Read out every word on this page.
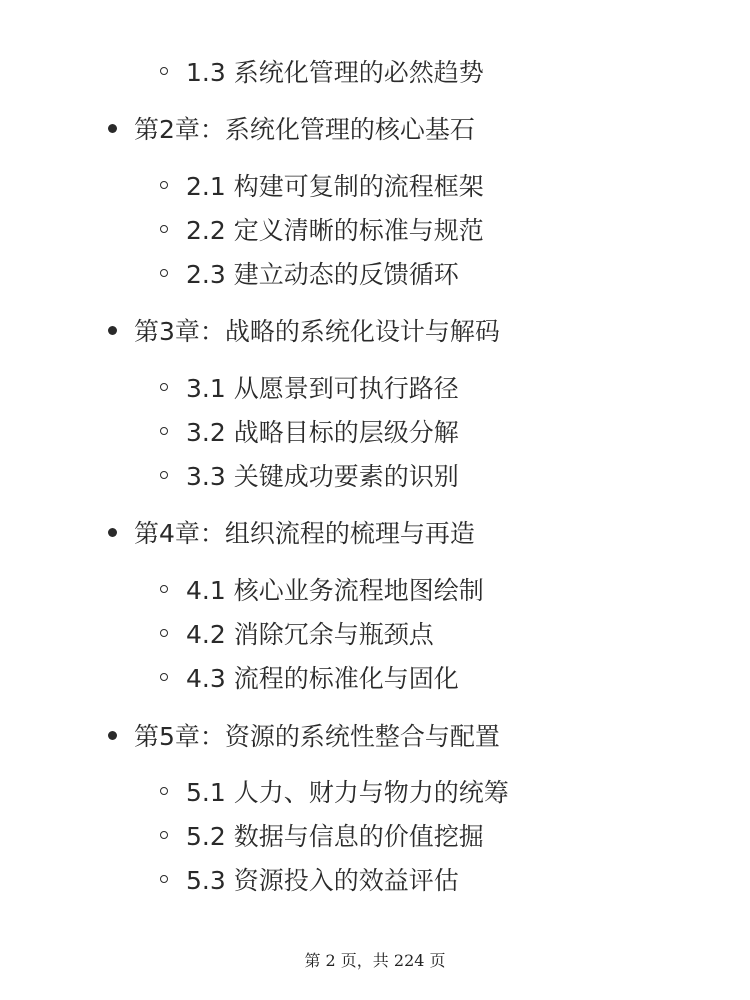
1.3 系统化管理的必然趋势
第2章：系统化管理的核心基石
2.1 构建可复制的流程框架
2.2 定义清晰的标准与规范
2.3 建立动态的反馈循环
第3章：战略的系统化设计与解码
3.1 从愿景到可执行路径
3.2 战略目标的层级分解
3.3 关键成功要素的识别
第4章：组织流程的梳理与再造
4.1 核心业务流程地图绘制
4.2 消除冗余与瓶颈点
4.3 流程的标准化与固化
第5章：资源的系统性整合与配置
5.1 人力、财力与物力的统筹
5.2 数据与信息的价值挖掘
5.3 资源投入的效益评估
第 2 页，共 224 页
